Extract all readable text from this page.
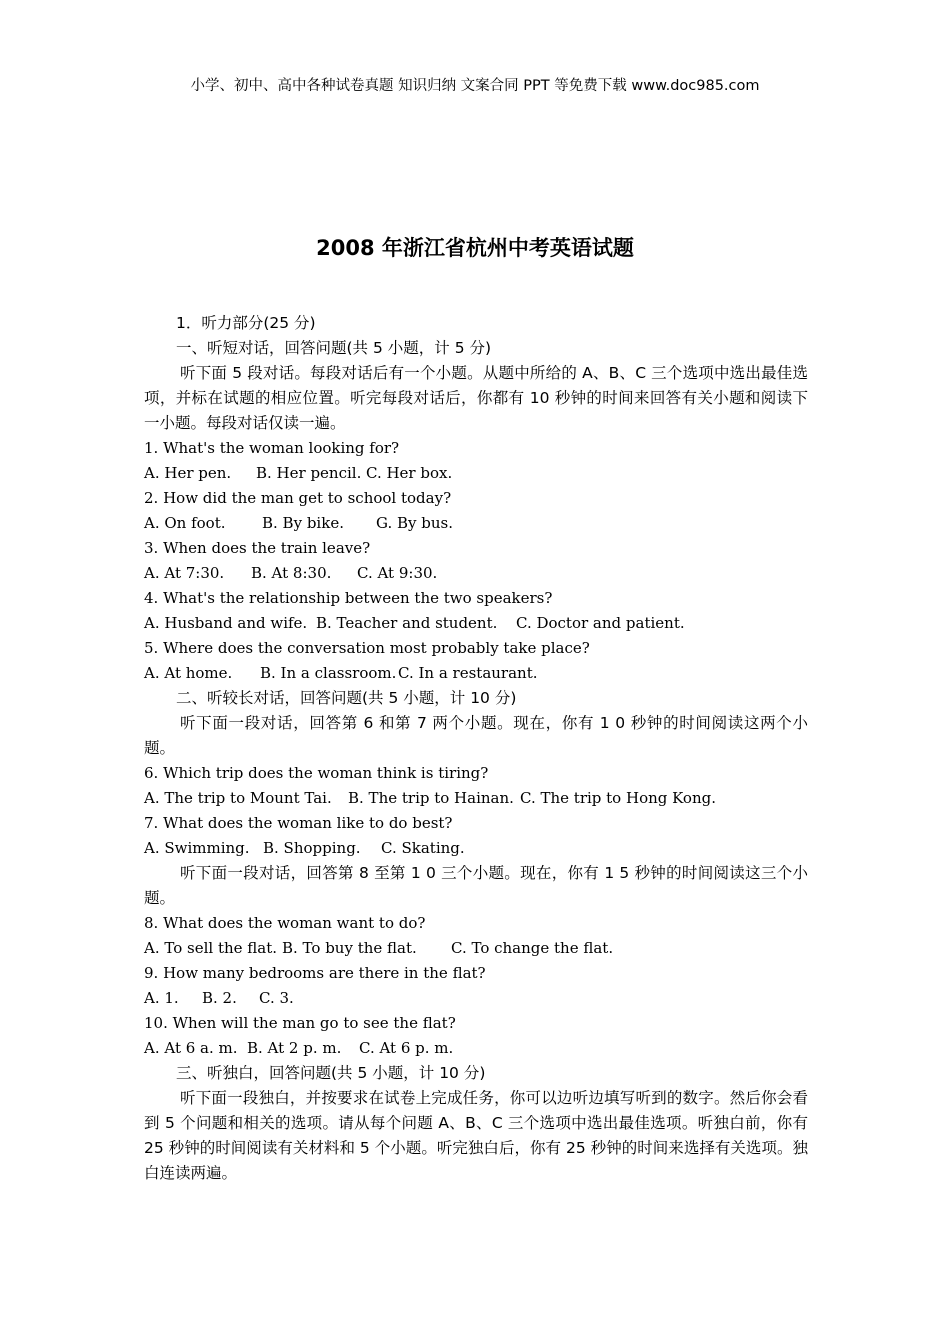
小学、初中、高中各种试卷真题 知识归纳 文案合同 PPT 等免费下载 www.doc985.com
2008 年浙江省杭州中考英语试题
1．听力部分(25 分)
一、听短对话，回答问题(共 5 小题，计 5 分)
听下面 5 段对话。每段对话后有一个小题。从题中所给的 A、B、C 三个选项中选出最佳选项，并标在试题的相应位置。听完每段对话后，你都有 10 秒钟的时间来回答有关小题和阅读下一小题。每段对话仅读一遍。
1. What's the woman looking for?
A. Her pen. B. Her pencil. C. Her box.
2. How did the man get to school today?
A. On foot. B. By bike. G. By bus.
3. When does the train leave?
A. At 7:30. B. At 8:30. C. At 9:30.
4. What's the relationship between the two speakers?
A. Husband and wife. B. Teacher and student. C. Doctor and patient.
5. Where does the conversation most probably take place?
A. At home. B. In a classroom. C. In a restaurant.
二、听较长对话，回答问题(共 5 小题，计 10 分)
听下面一段对话，回答第 6 和第 7 两个小题。现在，你有 1 0 秒钟的时间阅读这两个小题。
6. Which trip does the woman think is tiring?
A. The trip to Mount Tai. B. The trip to Hainan. C. The trip to Hong Kong.
7. What does the woman like to do best?
A. Swimming. B. Shopping. C. Skating.
听下面一段对话，回答第 8 至第 1 0 三个小题。现在，你有 1 5 秒钟的时间阅读这三个小题。
8. What does the woman want to do?
A. To sell the flat. B. To buy the flat. C. To change the flat.
9. How many bedrooms are there in the flat?
A. 1. B. 2. C. 3.
10. When will the man go to see the flat?
A. At 6 a. m. B. At 2 p. m. C. At 6 p. m.
三、听独白，回答问题(共 5 小题，计 10 分)
听下面一段独白，并按要求在试卷上完成任务，你可以边听边填写听到的数字。然后你会看到 5 个问题和相关的选项。请从每个问题 A、B、C 三个选项中选出最佳选项。听独白前，你有 25 秒钟的时间阅读有关材料和 5 个小题。听完独白后，你有 25 秒钟的时间来选择有关选项。独白连读两遍。
